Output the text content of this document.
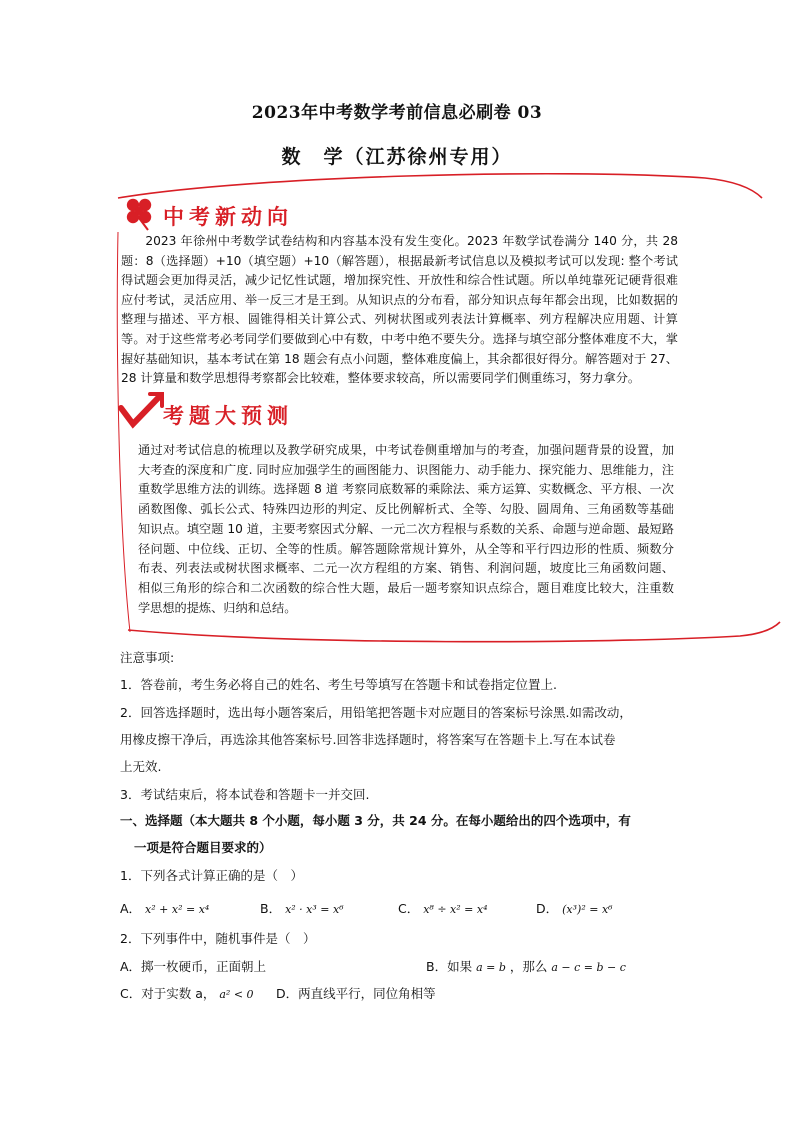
2023年中考数学考前信息必刷卷 03
数　学（江苏徐州专用）
中考新动向
2023 年徐州中考数学试卷结构和内容基本没有发生变化。2023 年数学试卷满分 140 分，共 28 题：8（选择题）+10（填空题）+10（解答题），根据最新考试信息以及模拟考试可以发现: 整个考试得试题会更加得灵活，减少记忆性试题，增加探究性、开放性和综合性试题。所以单纯靠死记硬背很难应付考试，灵活应用、举一反三才是王到。从知识点的分布看，部分知识点每年都会出现，比如数据的整理与描述、平方根、圆锥得相关计算公式、列树状图或列表法计算概率、列方程解决应用题、计算等。对于这些常考必考同学们要做到心中有数，中考中绝不要失分。选择与填空部分整体难度不大，掌握好基础知识，基本考试在第 18 题会有点小问题，整体难度偏上，其余都很好得分。解答题对于 27、28 计算量和数学思想得考察都会比较难，整体要求较高，所以需要同学们侧重练习，努力拿分。
考题大预测
通过对考试信息的梳理以及教学研究成果，中考试卷侧重增加与的考查，加强问题背景的设置，加大考查的深度和广度. 同时应加强学生的画图能力、识图能力、动手能力、探究能力、思维能力，注重数学思维方法的训练。选择题 8 道 考察同底数幂的乘除法、乘方运算、实数概念、平方根、一次函数图像、弧长公式、特殊四边形的判定、反比例解析式、全等、勾股、圆周角、三角函数等基础知识点。填空题 10 道，主要考察因式分解、一元二次方程根与系数的关系、命题与逆命题、最短路径问题、中位线、正切、全等的性质。解答题除常规计算外，从全等和平行四边形的性质、频数分布表、列表法或树状图求概率、二元一次方程组的方案、销售、利润问题，坡度比三角函数问题、相似三角形的综合和二次函数的综合性大题，最后一题考察知识点综合，题目难度比较大，注重数学思想的提炼、归纳和总结。
注意事项:
1．答卷前，考生务必将自己的姓名、考生号等填写在答题卡和试卷指定位置上.
2．回答选择题时，选出每小题答案后，用铅笔把答题卡对应题目的答案标号涂黑.如需改动，
用橡皮擦干净后，再选涂其他答案标号.回答非选择题时，将答案写在答题卡上.写在本试卷
上无效.
3．考试结束后，将本试卷和答题卡一并交回.
一、选择题（本大题共 8 个小题，每小题 3 分，共 24 分。在每小题给出的四个选项中，有
一项是符合题目要求的）
1．下列各式计算正确的是（　）
A． x² + x² = x⁴	B． x² · x³ = x⁶	C． x⁸ ÷ x² = x⁴	D． (x³)² = x⁶
2．下列事件中，随机事件是（　）
A．掷一枚硬币，正面朝上	B．如果 a = b ，那么 a − c = b − c
C．对于实数 a， a² < 0 D．两直线平行，同位角相等
